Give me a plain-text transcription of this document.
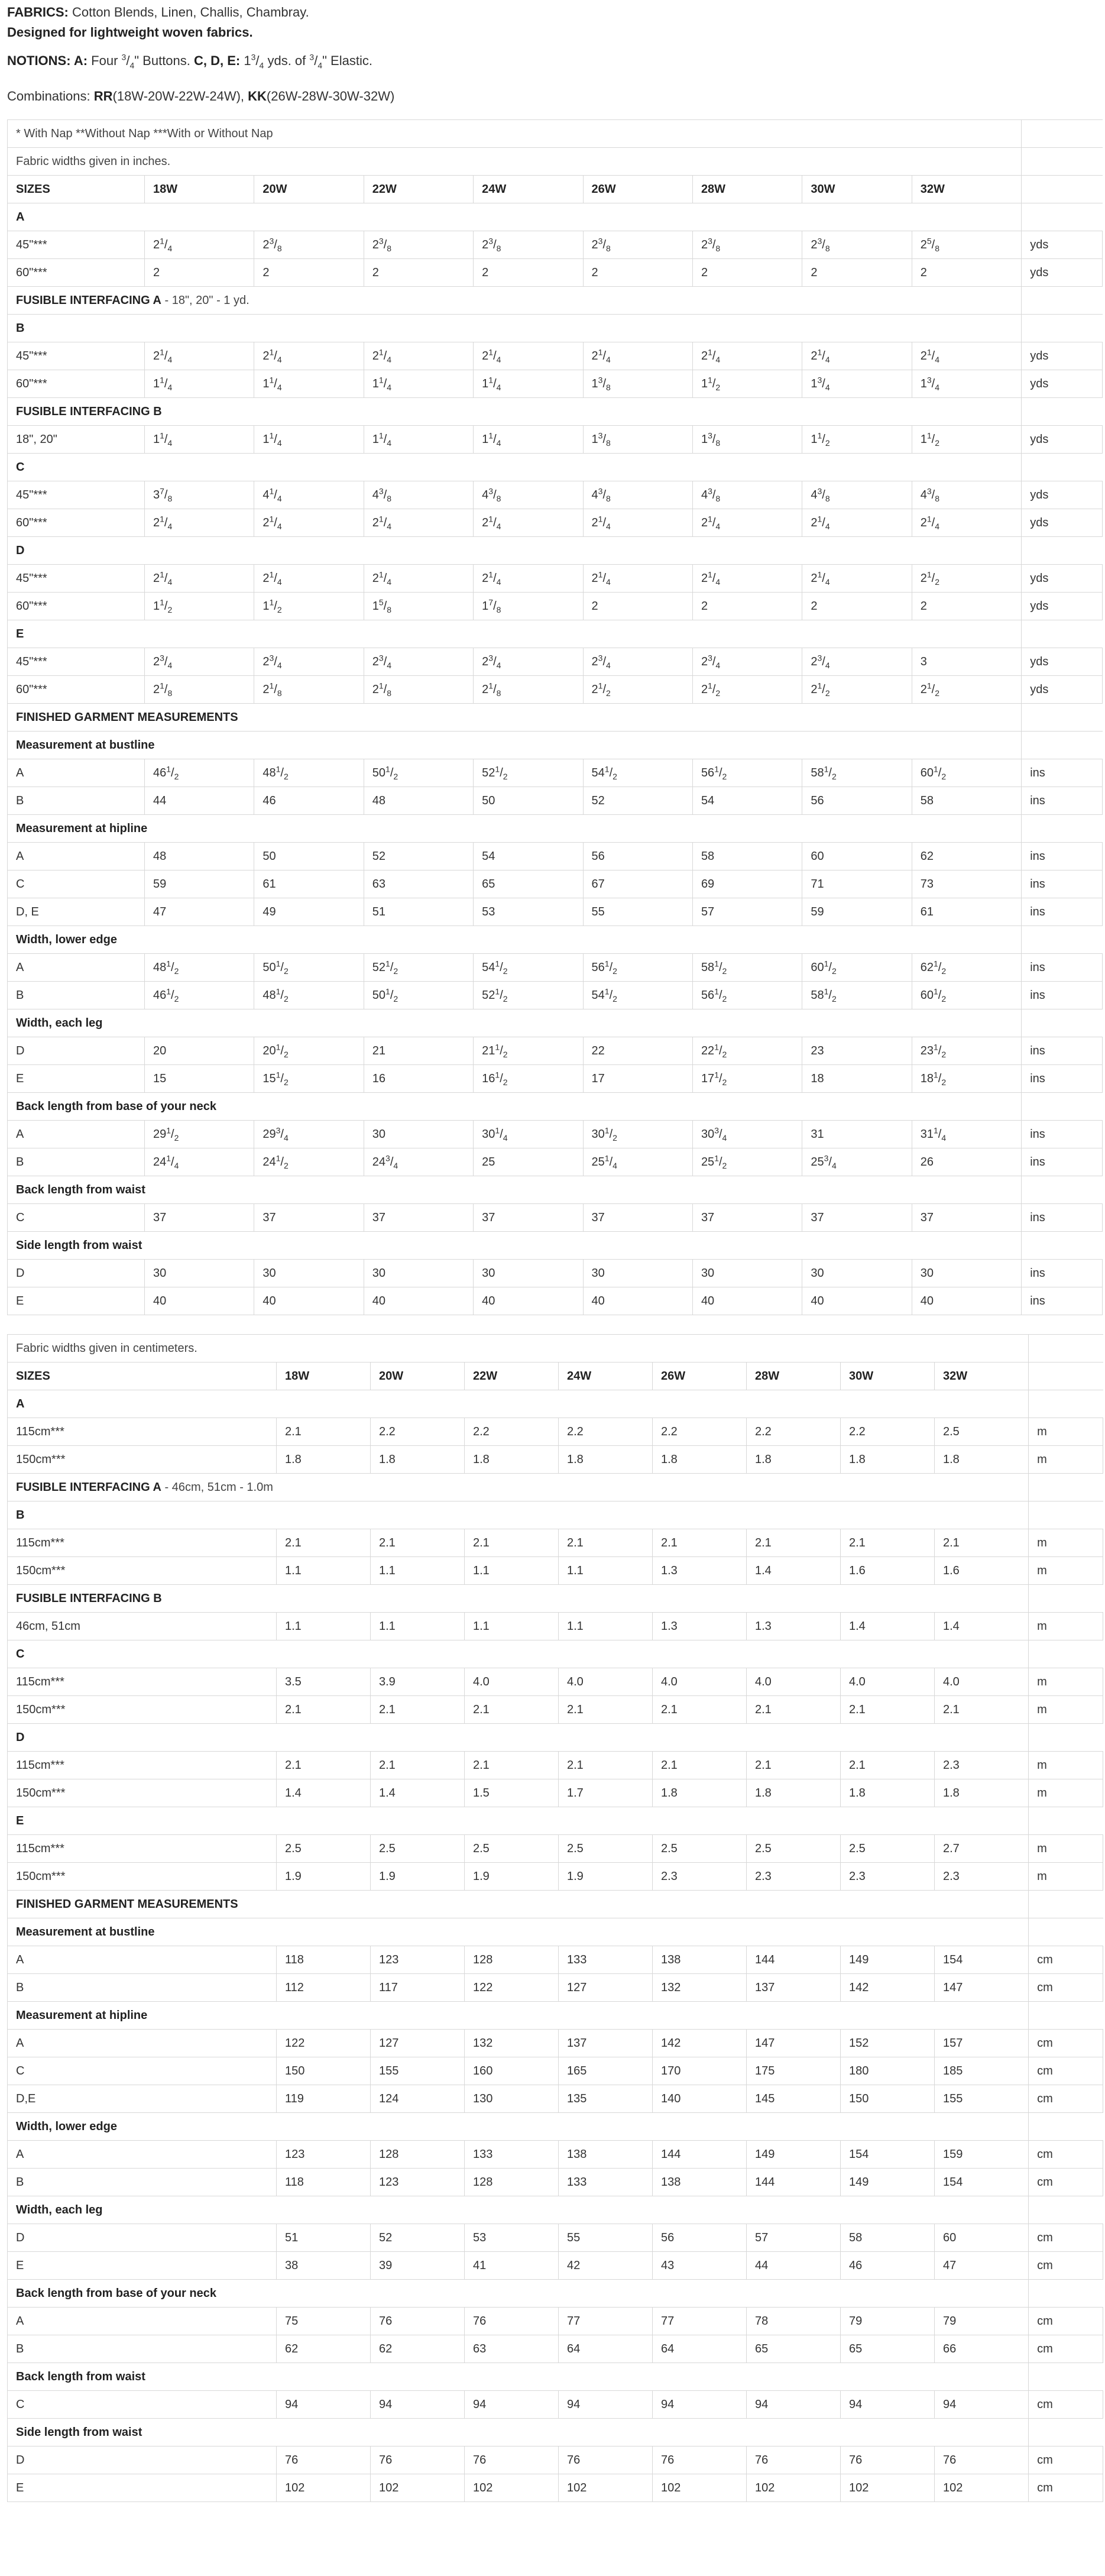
FABRICS: Cotton Blends, Linen, Challis, Chambray.

Designed for lightweight woven fabrics.

NOTIONS: A: Four $^3/_4$" Buttons. C, D, E: $1^3/_4$ yds. of $^3/_4$" Elastic.

Combinations: RR(18W-20W-22W-24W), KK(26W-28W-30W-32W)

* With Nap **Without Nap ***With or Without Nap									
Fabric widths given in inches.									
SIZES	18W	20W	22W	24W	26W	28W	30W	32W	
A									
45"***	$2^1/_4$	$2^3/_8$	$2^3/_8$	$2^3/_8$	$2^3/_8$	$2^3/_8$	$2^3/_8$	$2^5/_8$	yds
60"***	2	2	2	2	2	2	2	2	yds
FUSIBLE INTERFACING A - 18", 20" - 1 yd.									
B									
45"***	$2^1/_4$	$2^1/_4$	$2^1/_4$	$2^1/_4$	$2^1/_4$	$2^1/_4$	$2^1/_4$	$2^1/_4$	yds
60"***	$1^1/_4$	$1^1/_4$	$1^1/_4$	$1^1/_4$	$1^3/_8$	$1^1/_2$	$1^3/_4$	$1^3/_4$	yds
FUSIBLE INTERFACING B									
18", 20"	$1^1/_4$	$1^1/_4$	$1^1/_4$	$1^1/_4$	$1^3/_8$	$1^3/_8$	$1^1/_2$	$1^1/_2$	yds
C									
45"***	$3^7/_8$	$4^1/_4$	$4^3/_8$	$4^3/_8$	$4^3/_8$	$4^3/_8$	$4^3/_8$	$4^3/_8$	yds
60"***	$2^1/_4$	$2^1/_4$	$2^1/_4$	$2^1/_4$	$2^1/_4$	$2^1/_4$	$2^1/_4$	$2^1/_4$	yds
D									
45"***	$2^1/_4$	$2^1/_4$	$2^1/_4$	$2^1/_4$	$2^1/_4$	$2^1/_4$	$2^1/_4$	$2^1/_2$	yds
60"***	$1^1/_2$	$1^1/_2$	$1^5/_8$	$1^7/_8$	2	2	2	2	yds
E									
45"***	$2^3/_4$	$2^3/_4$	$2^3/_4$	$2^3/_4$	$2^3/_4$	$2^3/_4$	$2^3/_4$	3	yds
60"***	$2^1/_8$	$2^1/_8$	$2^1/_8$	$2^1/_8$	$2^1/_2$	$2^1/_2$	$2^1/_2$	$2^1/_2$	yds
FINISHED GARMENT MEASUREMENTS									
Measurement at bustline									
A	$46^1/_2$	$48^1/_2$	$50^1/_2$	$52^1/_2$	$54^1/_2$	$56^1/_2$	$58^1/_2$	$60^1/_2$	ins
B	44	46	48	50	52	54	56	58	ins
Measurement at hipline									
A	48	50	52	54	56	58	60	62	ins
C	59	61	63	65	67	69	71	73	ins
D, E	47	49	51	53	55	57	59	61	ins
Width, lower edge									
A	$48^1/_2$	$50^1/_2$	$52^1/_2$	$54^1/_2$	$56^1/_2$	$58^1/_2$	$60^1/_2$	$62^1/_2$	ins
B	$46^1/_2$	$48^1/_2$	$50^1/_2$	$52^1/_2$	$54^1/_2$	$56^1/_2$	$58^1/_2$	$60^1/_2$	ins
Width, each leg									
D	20	$20^1/_2$	21	$21^1/_2$	22	$22^1/_2$	23	$23^1/_2$	ins
E	15	$15^1/_2$	16	$16^1/_2$	17	$17^1/_2$	18	$18^1/_2$	ins
Back length from base of your neck									
A	$29^1/_2$	$29^3/_4$	30	$30^1/_4$	$30^1/_2$	$30^3/_4$	31	$31^1/_4$	ins
B	$24^1/_4$	$24^1/_2$	$24^3/_4$	25	$25^1/_4$	$25^1/_2$	$25^3/_4$	26	ins
Back length from waist									
C	37	37	37	37	37	37	37	37	ins
Side length from waist									
D	30	30	30	30	30	30	30	30	ins
E	40	40	40	40	40	40	40	40	ins
Fabric widths given in centimeters.									
SIZES	18W	20W	22W	24W	26W	28W	30W	32W	
A									
115cm***	2.1	2.2	2.2	2.2	2.2	2.2	2.2	2.5	m
150cm***	1.8	1.8	1.8	1.8	1.8	1.8	1.8	1.8	m
FUSIBLE INTERFACING A - 46cm, 51cm - 1.0m									
B									
115cm***	2.1	2.1	2.1	2.1	2.1	2.1	2.1	2.1	m
150cm***	1.1	1.1	1.1	1.1	1.3	1.4	1.6	1.6	m
FUSIBLE INTERFACING B									
46cm, 51cm	1.1	1.1	1.1	1.1	1.3	1.3	1.4	1.4	m
C									
115cm***	3.5	3.9	4.0	4.0	4.0	4.0	4.0	4.0	m
150cm***	2.1	2.1	2.1	2.1	2.1	2.1	2.1	2.1	m
D									
115cm***	2.1	2.1	2.1	2.1	2.1	2.1	2.1	2.3	m
150cm***	1.4	1.4	1.5	1.7	1.8	1.8	1.8	1.8	m
E									
115cm***	2.5	2.5	2.5	2.5	2.5	2.5	2.5	2.7	m
150cm***	1.9	1.9	1.9	1.9	2.3	2.3	2.3	2.3	m
FINISHED GARMENT MEASUREMENTS									
Measurement at bustline									
A	118	123	128	133	138	144	149	154	cm
B	112	117	122	127	132	137	142	147	cm
Measurement at hipline									
A	122	127	132	137	142	147	152	157	cm
C	150	155	160	165	170	175	180	185	cm
D,E	119	124	130	135	140	145	150	155	cm
Width, lower edge									
A	123	128	133	138	144	149	154	159	cm
B	118	123	128	133	138	144	149	154	cm
Width, each leg									
D	51	52	53	55	56	57	58	60	cm
E	38	39	41	42	43	44	46	47	cm
Back length from base of your neck									
A	75	76	76	77	77	78	79	79	cm
B	62	62	63	64	64	65	65	66	cm
Back length from waist									
C	94	94	94	94	94	94	94	94	cm
Side length from waist									
D	76	76	76	76	76	76	76	76	cm
E	102	102	102	102	102	102	102	102	cm
